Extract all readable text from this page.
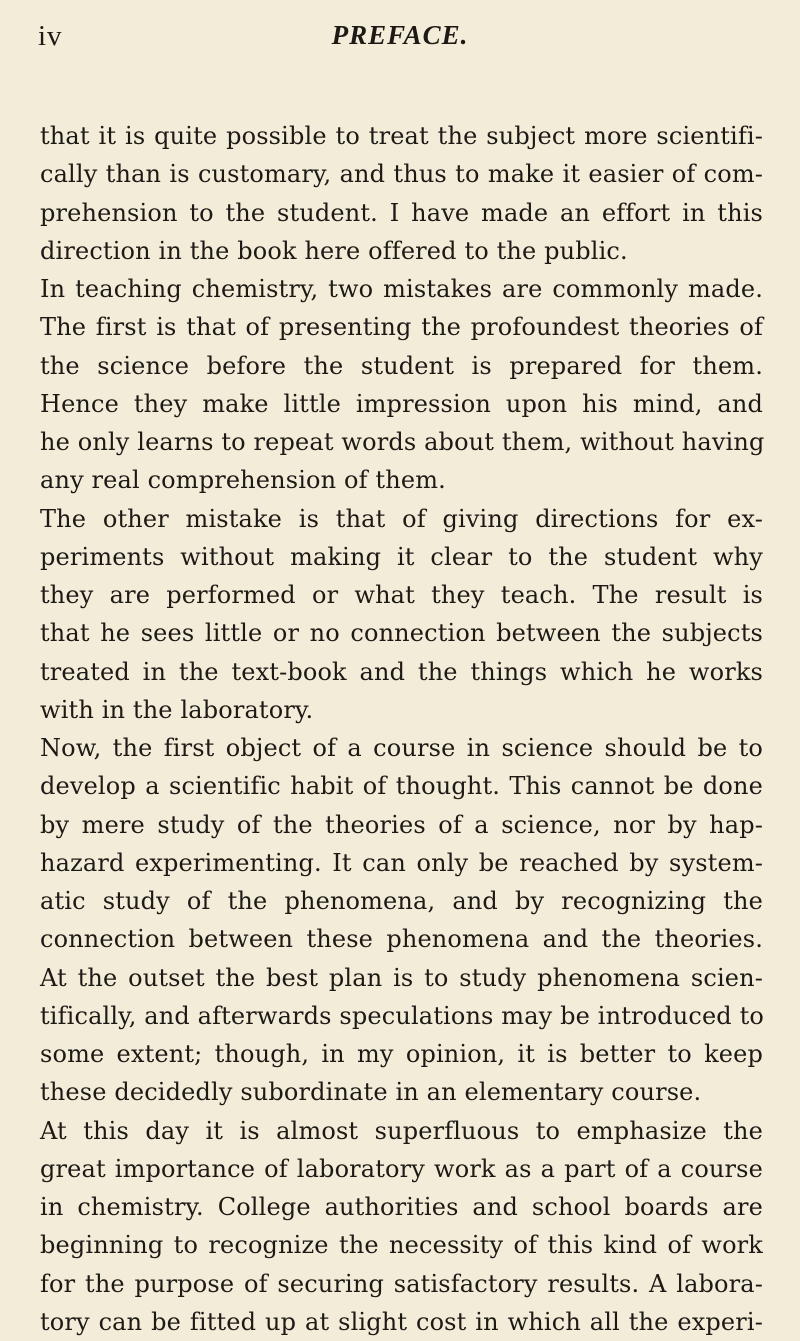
iv	PREFACE.
that it is quite possible to treat the subject more scientifi-
cally than is customary, and thus to make it easier of com-
prehension to the student. I have made an effort in this
direction in the book here offered to the public.
In teaching chemistry, two mistakes are commonly made.
The first is that of presenting the profoundest theories of
the science before the student is prepared for them.
Hence they make little impression upon his mind, and
he only learns to repeat words about them, without having
any real comprehension of them.
The other mistake is that of giving directions for ex-
periments without making it clear to the student why
they are performed or what they teach. The result is
that he sees little or no connection between the subjects
treated in the text-book and the things which he works
with in the laboratory.
Now, the first object of a course in science should be to
develop a scientific habit of thought. This cannot be done
by mere study of the theories of a science, nor by hap-
hazard experimenting. It can only be reached by system-
atic study of the phenomena, and by recognizing the
connection between these phenomena and the theories.
At the outset the best plan is to study phenomena scien-
tifically, and afterwards speculations may be introduced to
some extent; though, in my opinion, it is better to keep
these decidedly subordinate in an elementary course.
At this day it is almost superfluous to emphasize the
great importance of laboratory work as a part of a course
in chemistry. College authorities and school boards are
beginning to recognize the necessity of this kind of work
for the purpose of securing satisfactory results. A labora-
tory can be fitted up at slight cost in which all the experi-
